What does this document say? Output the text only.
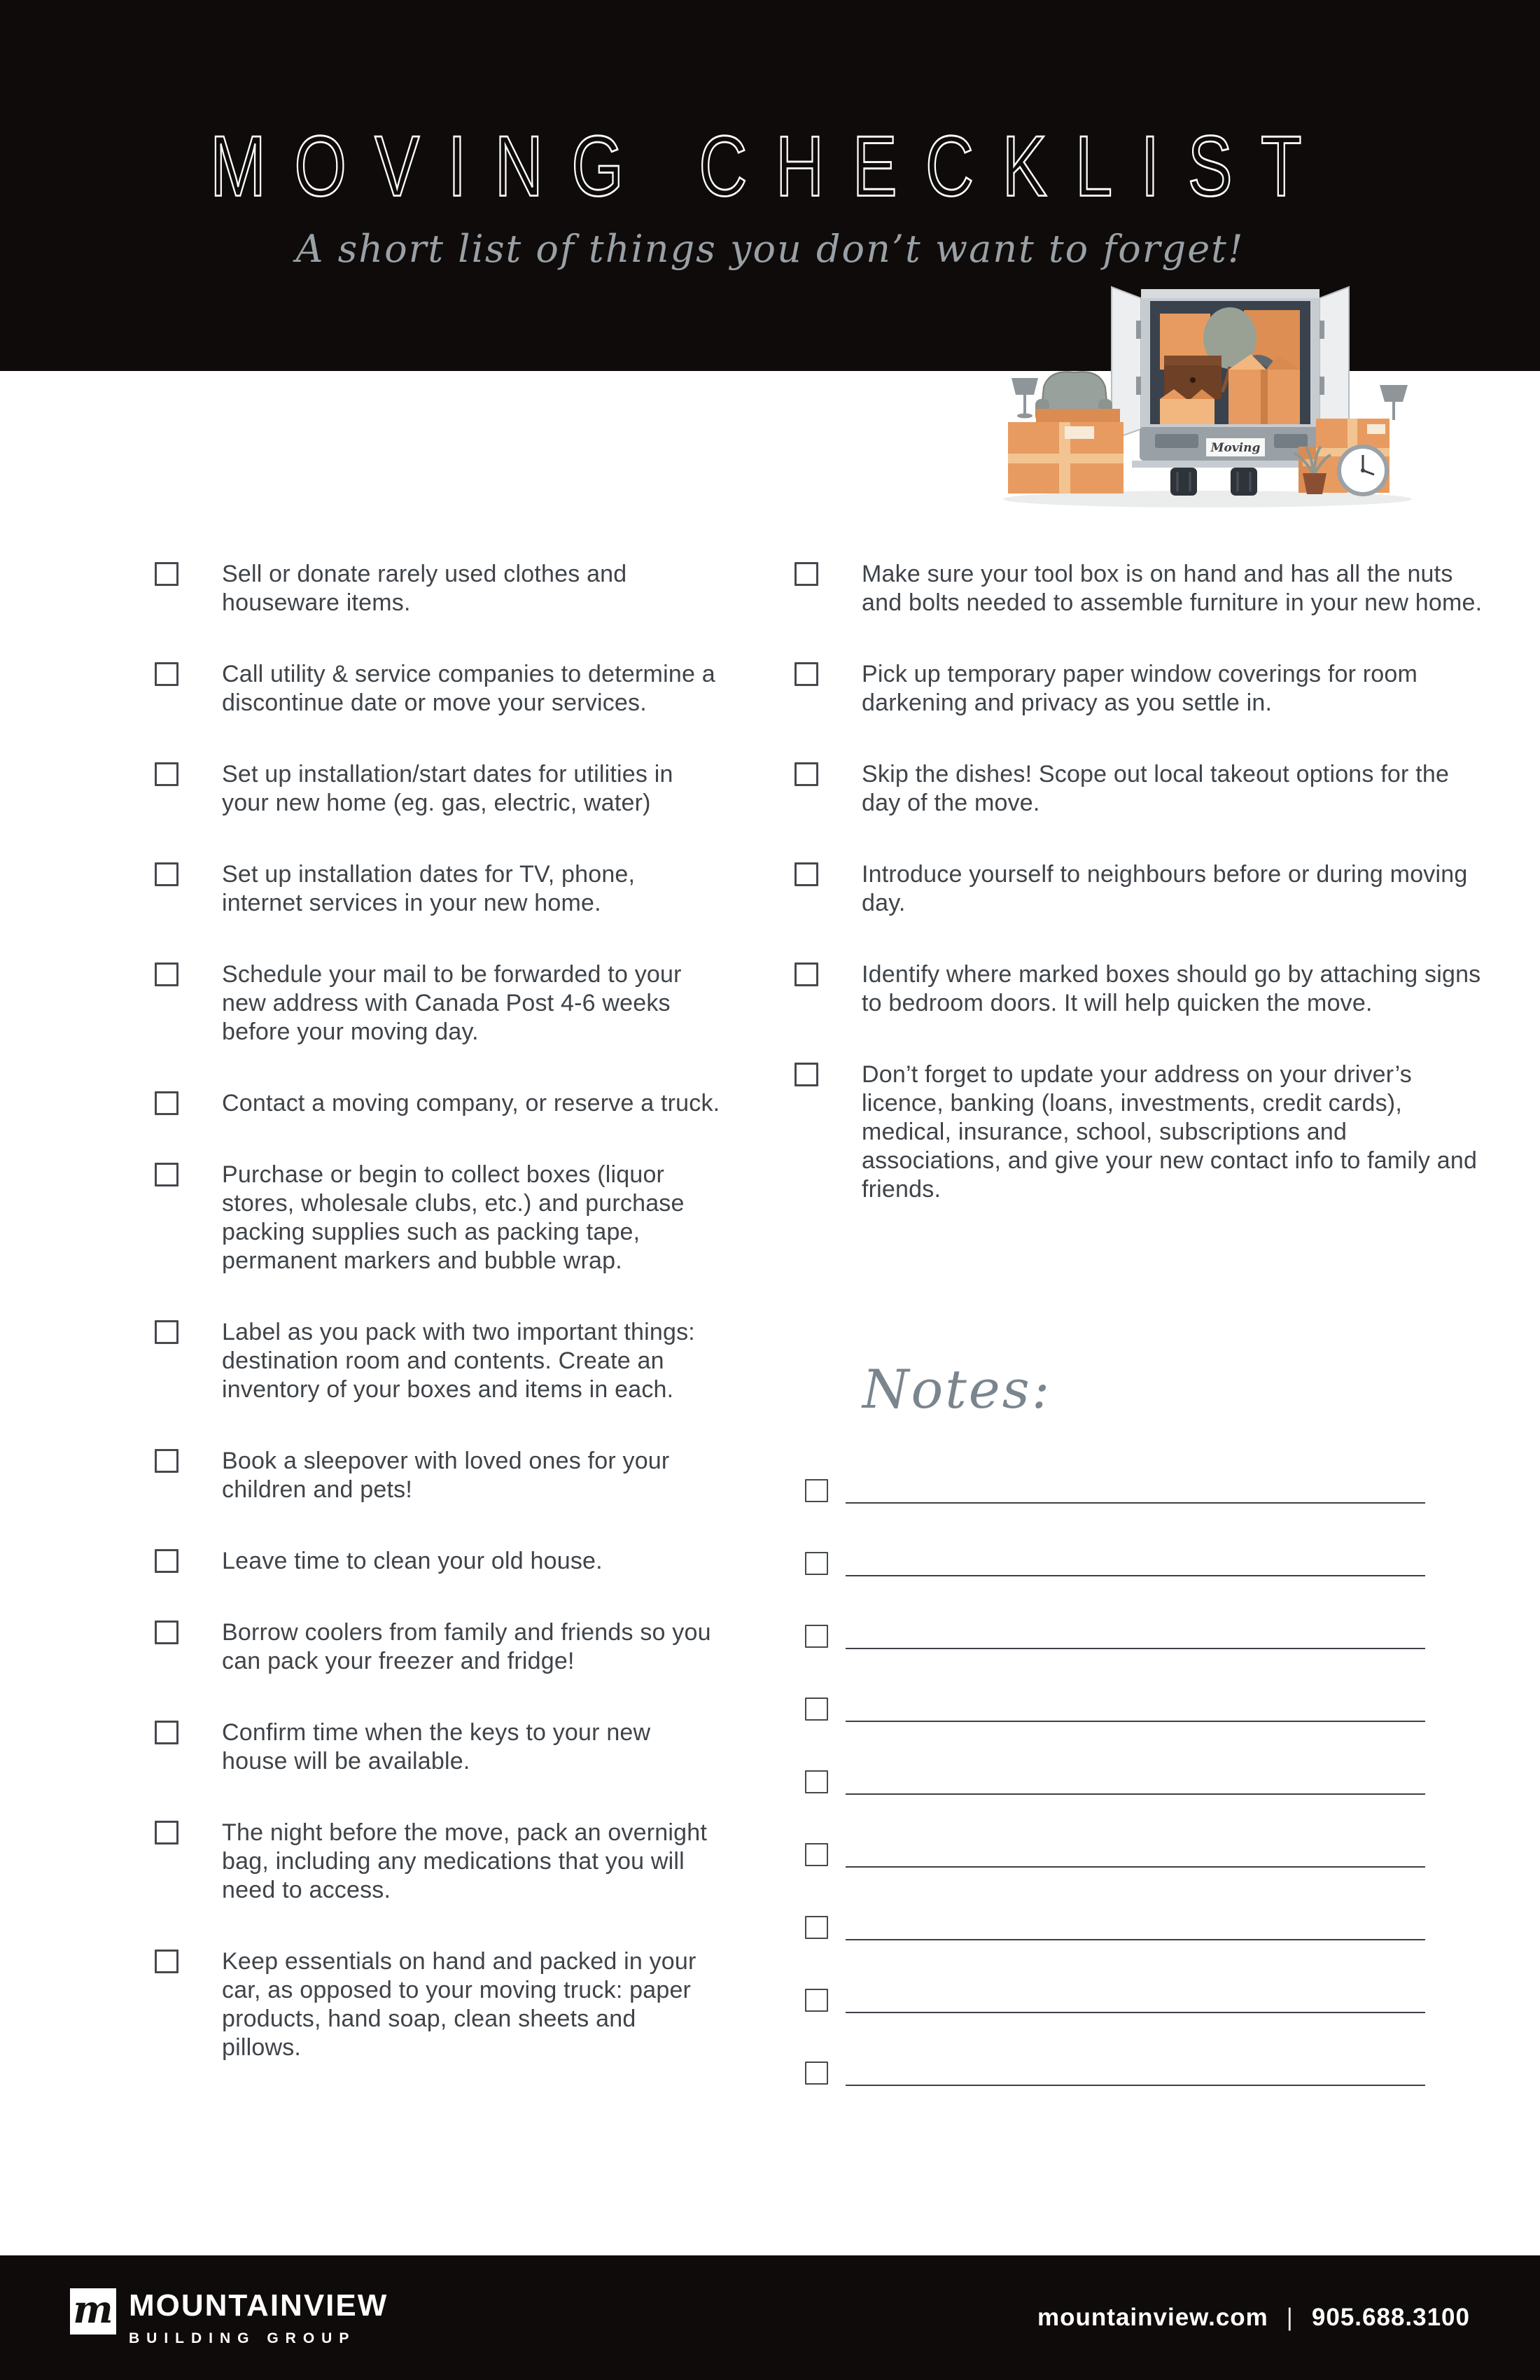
MOVING CHECKLIST
A short list of things you don’t want to forget!
Moving

Sell or donate rarely used clothes and houseware items.

Call utility & service companies to determine a discontinue date or move your services.

Set up installation/start dates for utilities in your new home (eg. gas, electric, water)

Set up installation dates for TV, phone, internet services in your new home.

Schedule your mail to be forwarded to your new address with Canada Post 4-6 weeks before your moving day.

Contact a moving company, or reserve a truck.

Purchase or begin to collect boxes (liquor stores, wholesale clubs, etc.) and purchase packing supplies such as packing tape, permanent markers and bubble wrap.

Label as you pack with two important things: destination room and contents. Create an inventory of your boxes and items in each.

Book a sleepover with loved ones for your children and pets!

Leave time to clean your old house.

Borrow coolers from family and friends so you can pack your freezer and fridge!

Confirm time when the keys to your new house will be available.

The night before the move, pack an overnight bag, including any medications that you will need to access.

Keep essentials on hand and packed in your car, as opposed to your moving truck: paper products, hand soap, clean sheets and pillows.

Make sure your tool box is on hand and has all the nuts and bolts needed to assemble furniture in your new home.

Pick up temporary paper window coverings for room darkening and privacy as you settle in.

Skip the dishes! Scope out local takeout options for the day of the move.

Introduce yourself to neighbours before or during moving day.

Identify where marked boxes should go by attaching signs to bedroom doors. It will help quicken the move.

Don’t forget to update your address on your driver’s licence, banking (loans, investments, credit cards), medical, insurance, school, subscriptions and associations, and give your new contact info to family and friends.

Notes:
m MOUNTAINVIEW
BUILDING GROUP
mountainview.com | 905.688.3100
